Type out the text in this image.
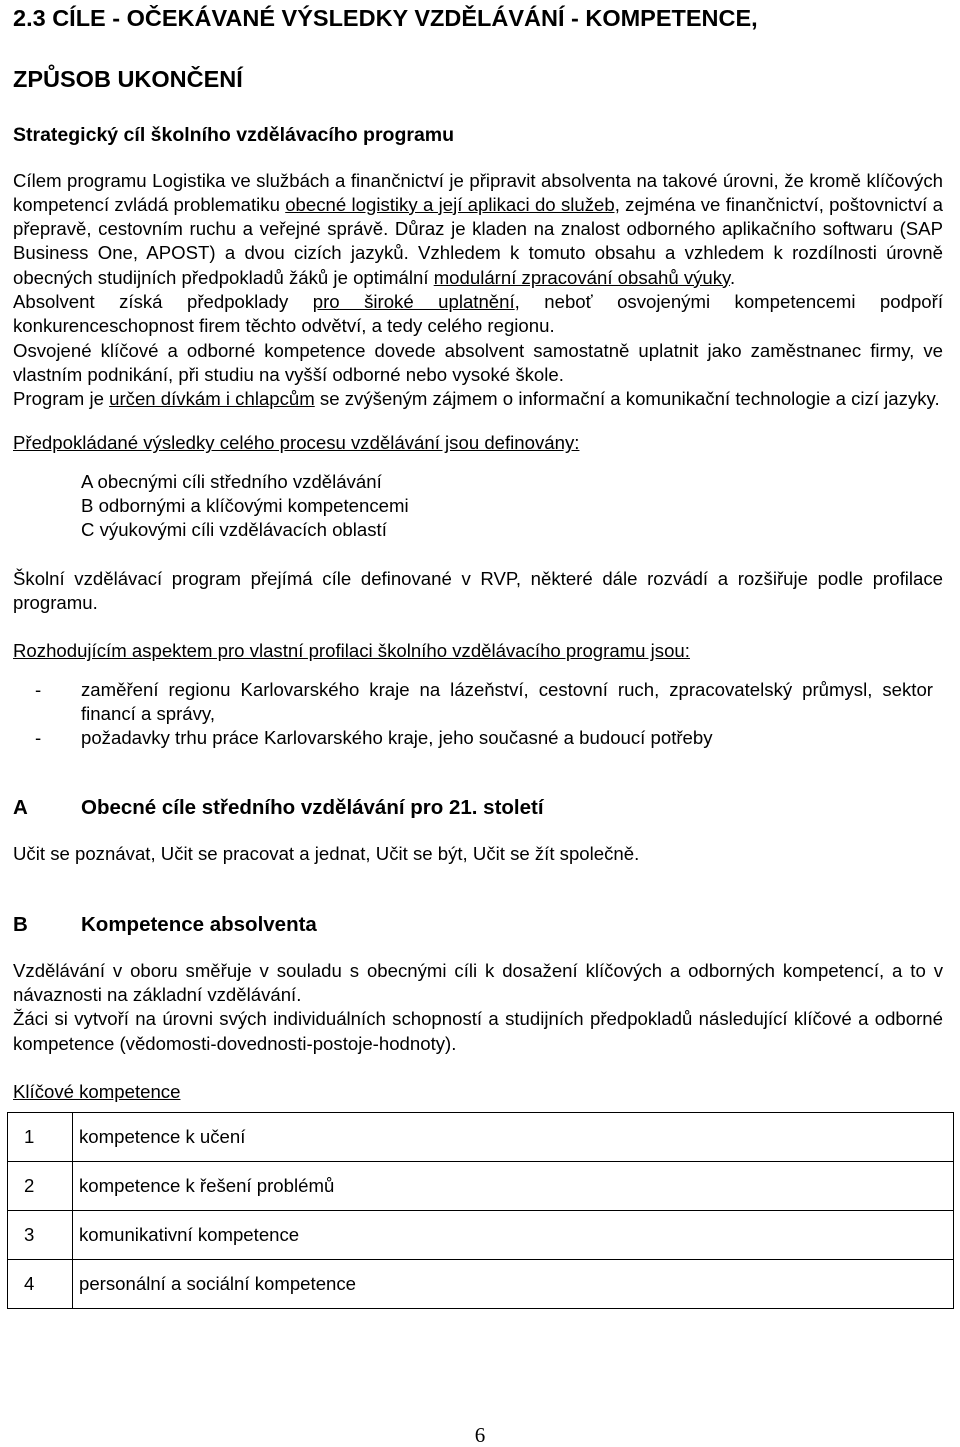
2.3 CÍLE - OČEKÁVANÉ VÝSLEDKY VZDĚLÁVÁNÍ - KOMPETENCE,

ZPŮSOB UKONČENÍ

Strategický cíl školního vzdělávacího programu

Cílem programu Logistika ve službách a finančnictví je připravit absolventa na takové úrovni, že kromě klíčových kompetencí zvládá problematiku obecné logistiky a její aplikaci do služeb, zejména ve finančnictví, poštovnictví a přepravě, cestovním ruchu a veřejné správě. Důraz je kladen na znalost odborného aplikačního softwaru (SAP Business One, APOST) a dvou cizích jazyků. Vzhledem k tomuto obsahu a vzhledem k rozdílnosti úrovně obecných studijních předpokladů žáků je optimální modulární zpracování obsahů výuky.

Absolvent získá předpoklady pro široké uplatnění, neboť osvojenými kompetencemi podpoří konkurenceschopnost firem těchto odvětví, a tedy celého regionu.

Osvojené klíčové a odborné kompetence dovede absolvent samostatně uplatnit jako zaměstnanec firmy, ve vlastním podnikání, při studiu na vyšší odborné nebo vysoké škole.

Program je určen dívkám i chlapcům se zvýšeným zájmem o informační a komunikační technologie a cizí jazyky.

Předpokládané výsledky celého procesu vzdělávání jsou definovány:

A obecnými cíli středního vzdělávání
B odbornými a klíčovými kompetencemi
C výukovými cíli vzdělávacích oblastí

Školní vzdělávací program přejímá cíle definované v RVP, některé dále rozvádí a rozšiřuje podle profilace programu.

Rozhodujícím aspektem pro vlastní profilaci školního vzdělávacího programu jsou:

- zaměření regionu Karlovarského kraje na lázeňství, cestovní ruch, zpracovatelský průmysl, sektor financí a správy,
- požadavky trhu práce Karlovarského kraje, jeho současné a budoucí potřeby
A	Obecné cíle středního vzdělávání pro 21. století

Učit se poznávat, Učit se pracovat a jednat, Učit se být, Učit se žít společně.

B	Kompetence absolventa

Vzdělávání v oboru směřuje v souladu s obecnými cíli k dosažení klíčových a odborných kompetencí, a to v návaznosti na základní vzdělávání.

Žáci si vytvoří na úrovni svých individuálních schopností a studijních předpokladů následující klíčové a odborné kompetence (vědomosti-dovednosti-postoje-hodnoty).

Klíčové kompetence

1	kompetence k učení
2	kompetence k řešení problémů
3	komunikativní kompetence
4	personální a sociální kompetence
6
